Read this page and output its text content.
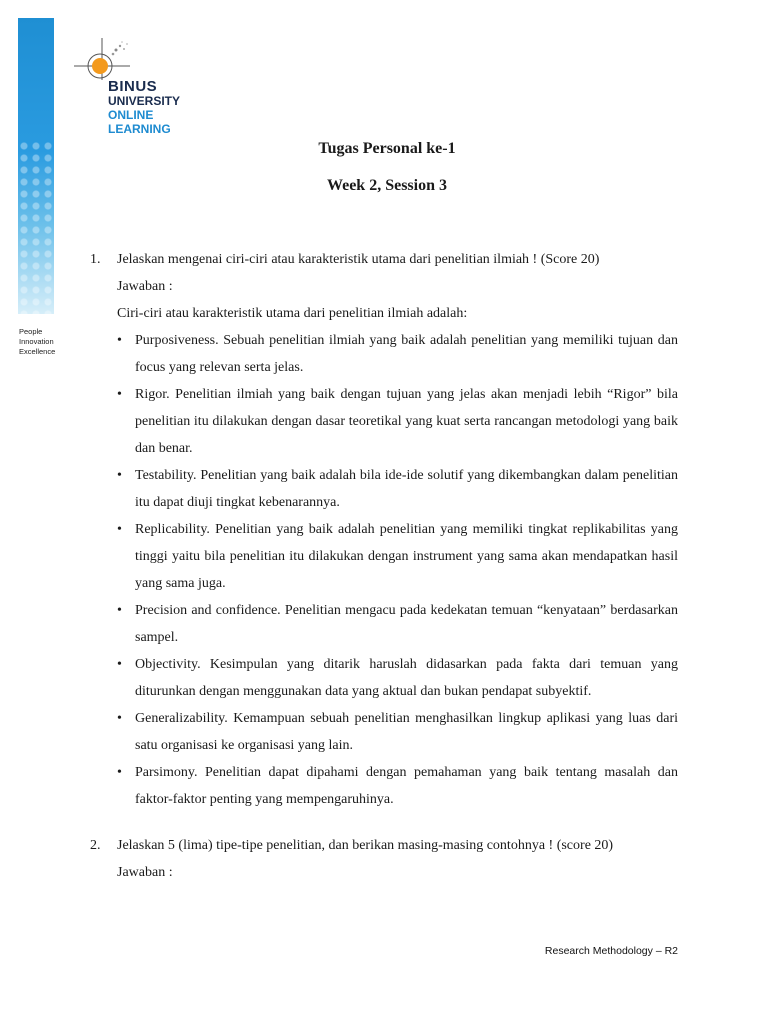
People
Innovation
Excellence
BINUS
UNIVERSITY
ONLINE
LEARNING
Tugas Personal ke-1
Week 2, Session 3
1. Jelaskan mengenai ciri-ciri atau karakteristik utama dari penelitian ilmiah ! (Score 20)
Jawaban :
Ciri-ciri atau karakteristik utama dari penelitian ilmiah adalah:
• Purposiveness. Sebuah penelitian ilmiah yang baik adalah penelitian yang memiliki tujuan dan focus yang relevan serta jelas.
• Rigor. Penelitian ilmiah yang baik dengan tujuan yang jelas akan menjadi lebih “Rigor” bila penelitian itu dilakukan dengan dasar teoretikal yang kuat serta rancangan metodologi yang baik dan benar.
• Testability. Penelitian yang baik adalah bila ide-ide solutif yang dikembangkan dalam penelitian itu dapat diuji tingkat kebenarannya.
• Replicability. Penelitian yang baik adalah penelitian yang memiliki tingkat replikabilitas yang tinggi yaitu bila penelitian itu dilakukan dengan instrument yang sama akan mendapatkan hasil yang sama juga.
• Precision and confidence. Penelitian mengacu pada kedekatan temuan “kenyataan” berdasarkan sampel.
• Objectivity. Kesimpulan yang ditarik haruslah didasarkan pada fakta dari temuan yang diturunkan dengan menggunakan data yang aktual dan bukan pendapat subyektif.
• Generalizability. Kemampuan sebuah penelitian menghasilkan lingkup aplikasi yang luas dari satu organisasi ke organisasi yang lain.
• Parsimony. Penelitian dapat dipahami dengan pemahaman yang baik tentang masalah dan faktor-faktor penting yang mempengaruhinya.
2. Jelaskan 5 (lima) tipe-tipe penelitian, dan berikan masing-masing contohnya ! (score 20)
Jawaban :
Research Methodology – R2
